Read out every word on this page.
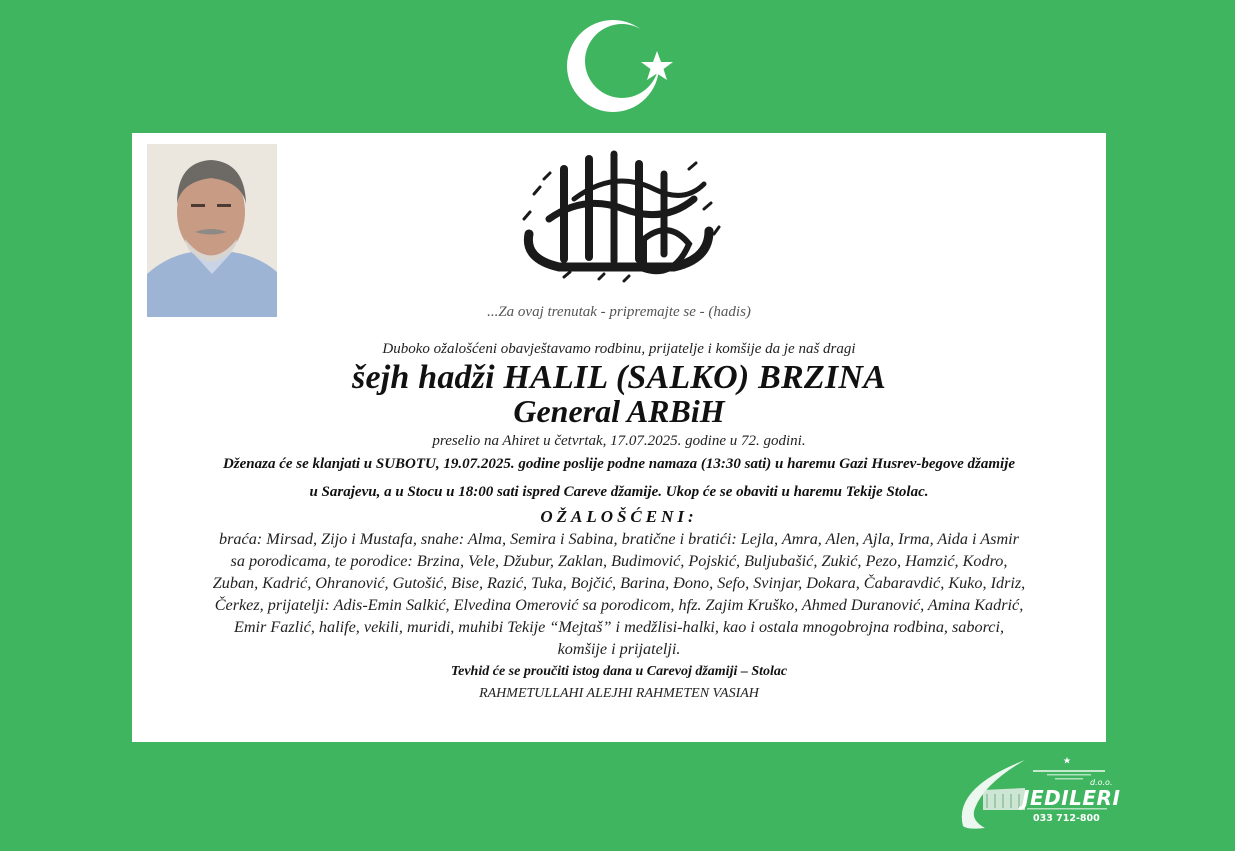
...Za ovaj trenutak - pripremajte se - (hadis)
Duboko ožalošćeni obavještavamo rodbinu, prijatelje i komšije da je naš dragi
šejh hadži HALIL (SALKO) BRZINA
General ARBiH
preselio na Ahiret u četvrtak, 17.07.2025. godine u 72. godini.
Dženaza će se klanjati u SUBOTU, 19.07.2025. godine poslije podne namaza (13:30 sati) u haremu Gazi Husrev-begove džamije
u Sarajevu, a u Stocu u 18:00 sati ispred Careve džamije. Ukop će se obaviti u haremu Tekije Stolac.
OŽALOŠĆENI:
braća: Mirsad, Zijo i Mustafa, snahe: Alma, Semira i Sabina, bratične i bratići: Lejla, Amra, Alen, Ajla, Irma, Aida i Asmir
sa porodicama, te porodice: Brzina, Vele, Džubur, Zaklan, Budimović, Pojskić, Buljubašić, Zukić, Pezo, Hamzić, Kodro,
Zuban, Kadrić, Ohranović, Gutošić, Bise, Razić, Tuka, Bojčić, Barina, Đono, Sefo, Svinjar, Dokara, Čabaravdić, Kuko, Idriz,
Čerkez, prijatelji: Adis-Emin Salkić, Elvedina Omerović sa porodicom, hfz. Zajim Kruško, Ahmed Duranović, Amina Kadrić,
Emir Fazlić, halife, vekili, muridi, muhibi Tekije “Mejtaš” i medžlisi-halki, kao i ostala mnogobrojna rodbina, saborci,
komšije i prijatelji.
Tevhid će se proučiti istog dana u Carevoj džamiji – Stolac
RAHMETULLAHI ALEJHI RAHMETEN VASIAH
d.o.o.
JEDILERI
033 712-800
